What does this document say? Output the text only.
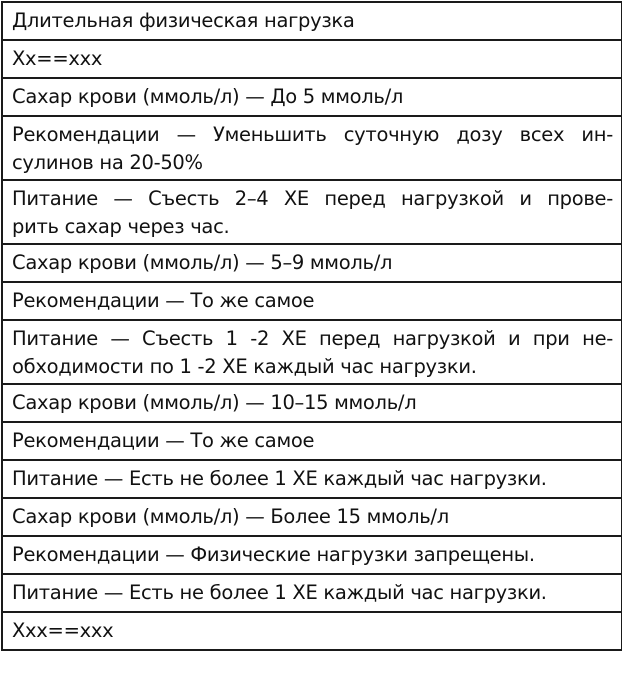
Длительная физическая нагрузка
Xx==xxx
Сахар крови (ммоль/л) — До 5 ммоль/л
Рекомендации — Уменьшить суточную дозу всех ин-
сулинов на 20-50%
Питание — Съесть 2–4 ХЕ перед нагрузкой и прове-
рить сахар через час.
Сахар крови (ммоль/л) — 5–9 ммоль/л
Рекомендации — То же самое
Питание — Съесть 1 -2 ХЕ перед нагрузкой и при не-
обходимости по 1 -2 ХЕ каждый час нагрузки.
Сахар крови (ммоль/л) — 10–15 ммоль/л
Рекомендации — То же самое
Питание — Есть не более 1 ХЕ каждый час нагрузки.
Сахар крови (ммоль/л) — Более 15 ммоль/л
Рекомендации — Физические нагрузки запрещены.
Питание — Есть не более 1 ХЕ каждый час нагрузки.
Xxx==xxx
